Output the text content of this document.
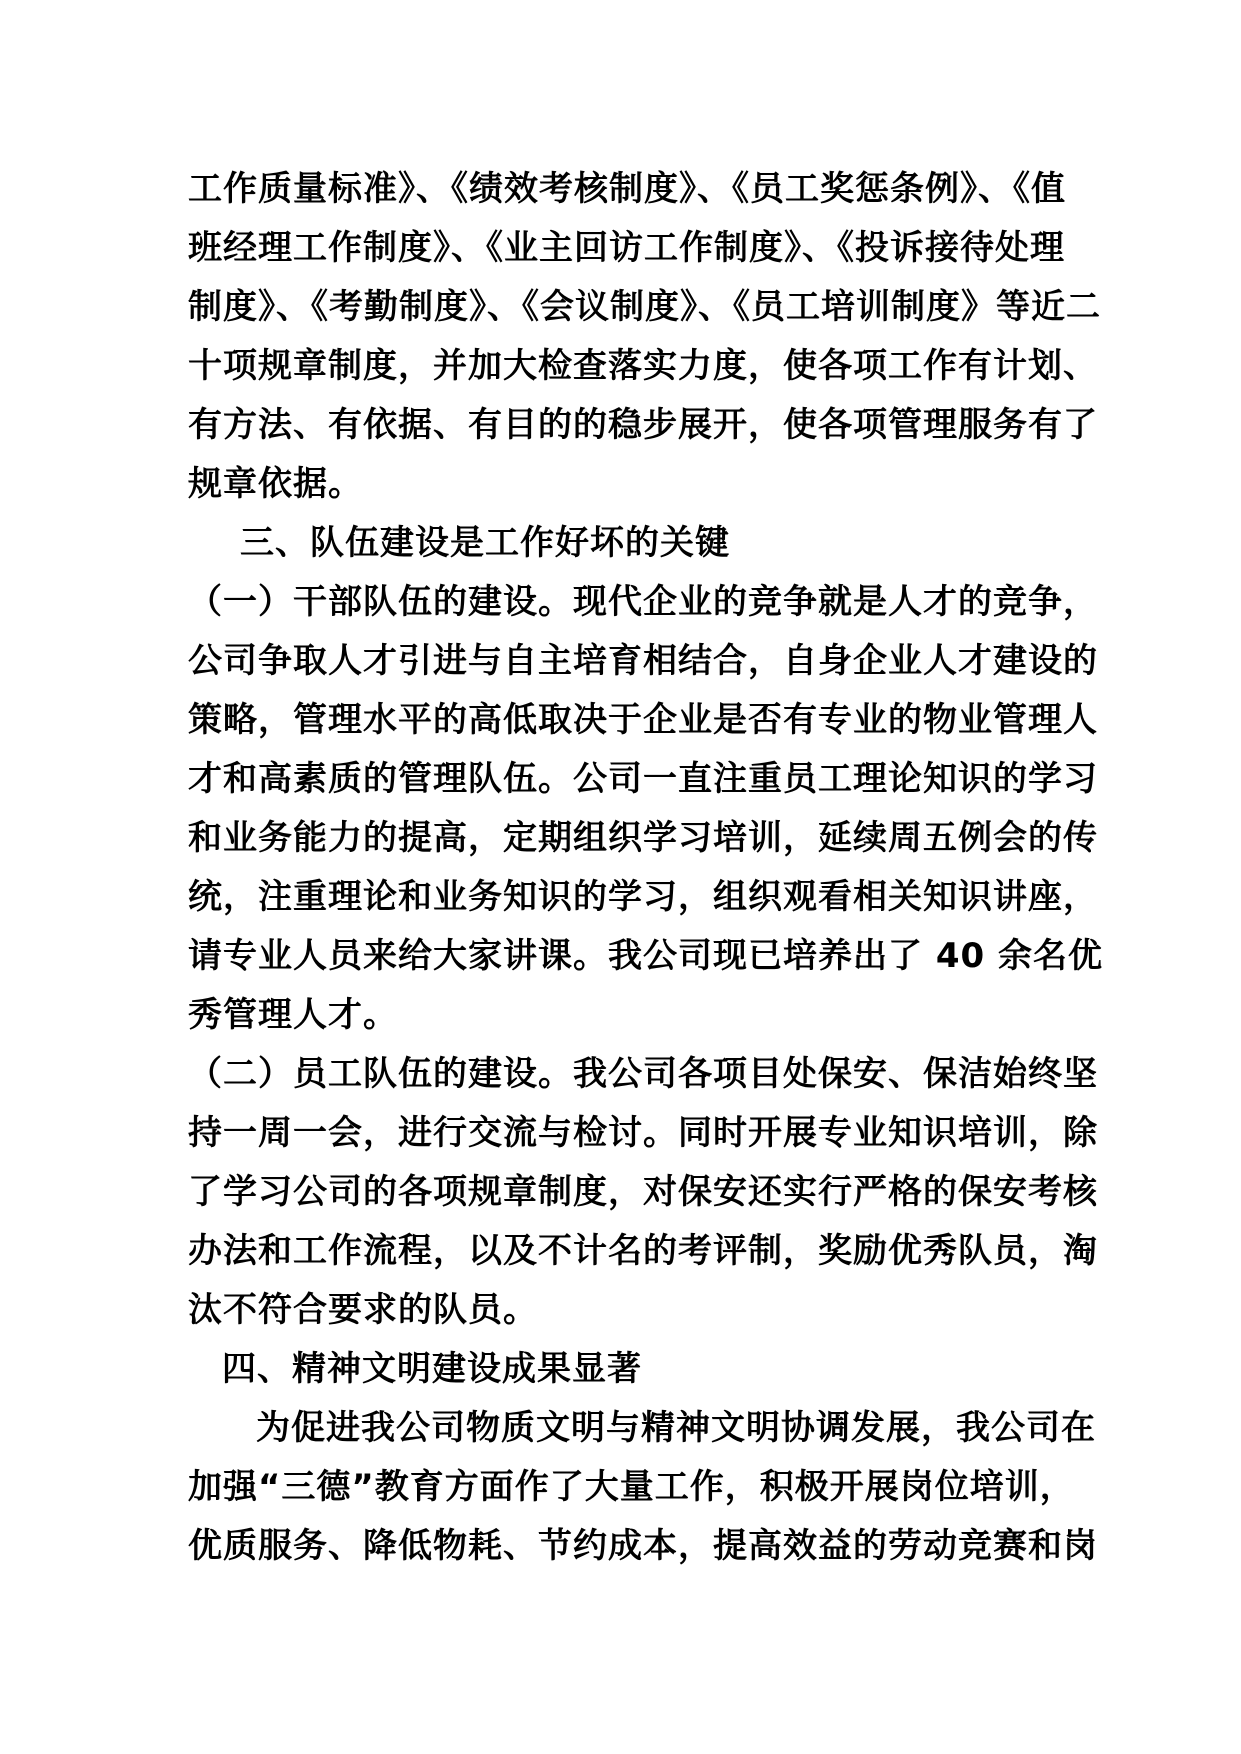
工作质量标准》、《绩效考核制度》、《员工奖惩条例》、《值
班经理工作制度》、《业主回访工作制度》、《投诉接待处理
制度》、《考勤制度》、《会议制度》、《员工培训制度》等近二
十项规章制度，并加大检查落实力度，使各项工作有计划、
有方法、有依据、有目的的稳步展开，使各项管理服务有了
规章依据。
三、队伍建设是工作好坏的关键
（一）干部队伍的建设。现代企业的竞争就是人才的竞争，
公司争取人才引进与自主培育相结合，自身企业人才建设的
策略，管理水平的高低取决于企业是否有专业的物业管理人
才和高素质的管理队伍。公司一直注重员工理论知识的学习
和业务能力的提高，定期组织学习培训，延续周五例会的传
统，注重理论和业务知识的学习，组织观看相关知识讲座，
请专业人员来给大家讲课。我公司现已培养出了 40 余名优
秀管理人才。
（二）员工队伍的建设。我公司各项目处保安、保洁始终坚
持一周一会，进行交流与检讨。同时开展专业知识培训，除
了学习公司的各项规章制度，对保安还实行严格的保安考核
办法和工作流程，以及不计名的考评制，奖励优秀队员，淘
汰不符合要求的队员。
四、精神文明建设成果显著
为促进我公司物质文明与精神文明协调发展，我公司在
加强“三德”教育方面作了大量工作，积极开展岗位培训，
优质服务、降低物耗、节约成本，提高效益的劳动竞赛和岗
